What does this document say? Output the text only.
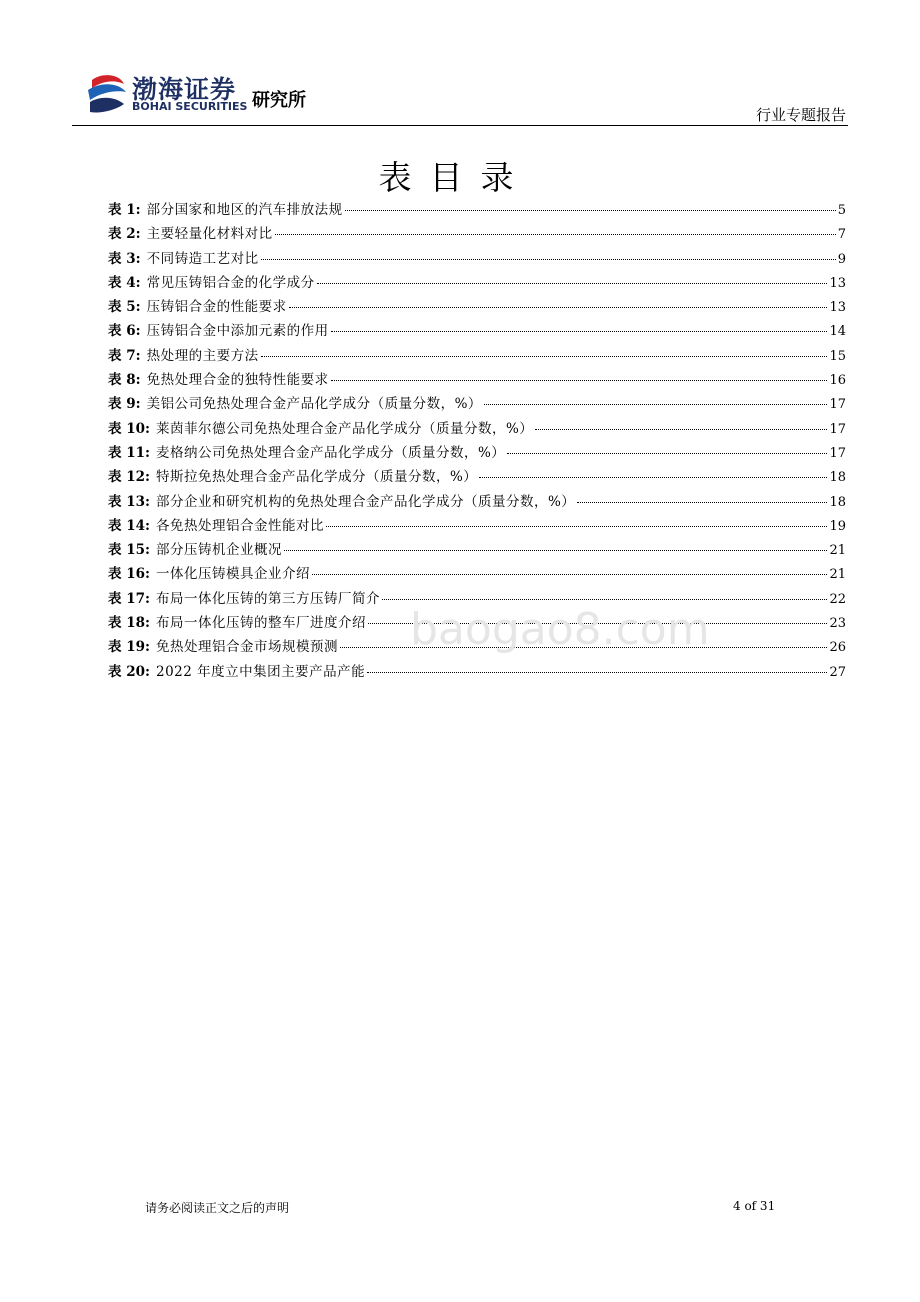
渤海证券
BOHAI SECURITIES 研究所
行业专题报告
表目录
表 1: 部分国家和地区的汽车排放法规	5
表 2: 主要轻量化材料对比	7
表 3: 不同铸造工艺对比	9
表 4: 常见压铸铝合金的化学成分	13
表 5: 压铸铝合金的性能要求	13
表 6: 压铸铝合金中添加元素的作用	14
表 7: 热处理的主要方法	15
表 8: 免热处理合金的独特性能要求	16
表 9: 美铝公司免热处理合金产品化学成分（质量分数，%）	17
表 10: 莱茵菲尔德公司免热处理合金产品化学成分（质量分数，%）	17
表 11: 麦格纳公司免热处理合金产品化学成分（质量分数，%）	17
表 12: 特斯拉免热处理合金产品化学成分（质量分数，%）	18
表 13: 部分企业和研究机构的免热处理合金产品化学成分（质量分数，%）	18
表 14: 各免热处理铝合金性能对比	19
表 15: 部分压铸机企业概况	21
表 16: 一体化压铸模具企业介绍	21
表 17: 布局一体化压铸的第三方压铸厂简介	22
表 18: 布局一体化压铸的整车厂进度介绍	23
表 19: 免热处理铝合金市场规模预测	26
表 20: 2022 年度立中集团主要产品产能	27
baogao8.com
请务必阅读正文之后的声明	4 of 31
